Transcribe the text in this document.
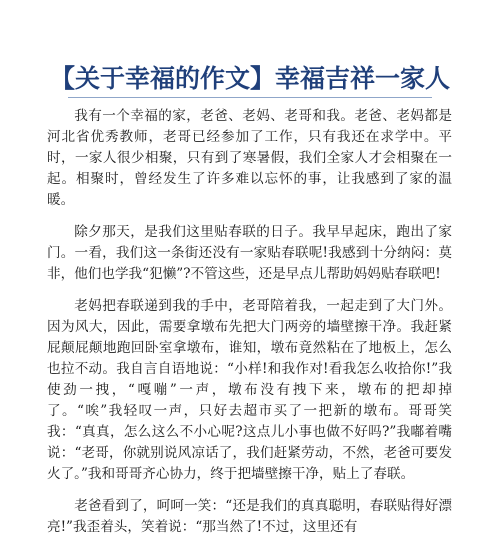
【关于幸福的作文】幸福吉祥一家人

我有一个幸福的家，老爸、老妈、老哥和我。老爸、老妈都是河北省优秀教师，老哥已经参加了工作，只有我还在求学中。平时，一家人很少相聚，只有到了寒暑假，我们全家人才会相聚在一起。相聚时，曾经发生了许多难以忘怀的事，让我感到了家的温暖。

除夕那天，是我们这里贴春联的日子。我早早起床，跑出了家门。一看，我们这一条街还没有一家贴春联呢!我感到十分纳闷：莫非，他们也学我“犯懒”?不管这些，还是早点儿帮助妈妈贴春联吧!

老妈把春联递到我的手中，老哥陪着我，一起走到了大门外。因为风大，因此，需要拿墩布先把大门两旁的墙壁擦干净。我赶紧屁颠屁颠地跑回卧室拿墩布，谁知，墩布竟然粘在了地板上，怎么也拉不动。我自言自语地说：“小样!和我作对!看我怎么收拾你!”我使劲一拽，“嘎嘣”一声，墩布没有拽下来，墩布的把却掉了。“唉”我轻叹一声，只好去超市买了一把新的墩布。哥哥笑我：“真真，怎么这么不小心呢?这点儿小事也做不好吗?”我嘟着嘴说：“老哥，你就别说风凉话了，我们赶紧劳动，不然，老爸可要发火了。”我和哥哥齐心协力，终于把墙壁擦干净，贴上了春联。

老爸看到了，呵呵一笑：“还是我们的真真聪明，春联贴得好漂亮!”我歪着头，笑着说：“那当然了!不过，这里还有
